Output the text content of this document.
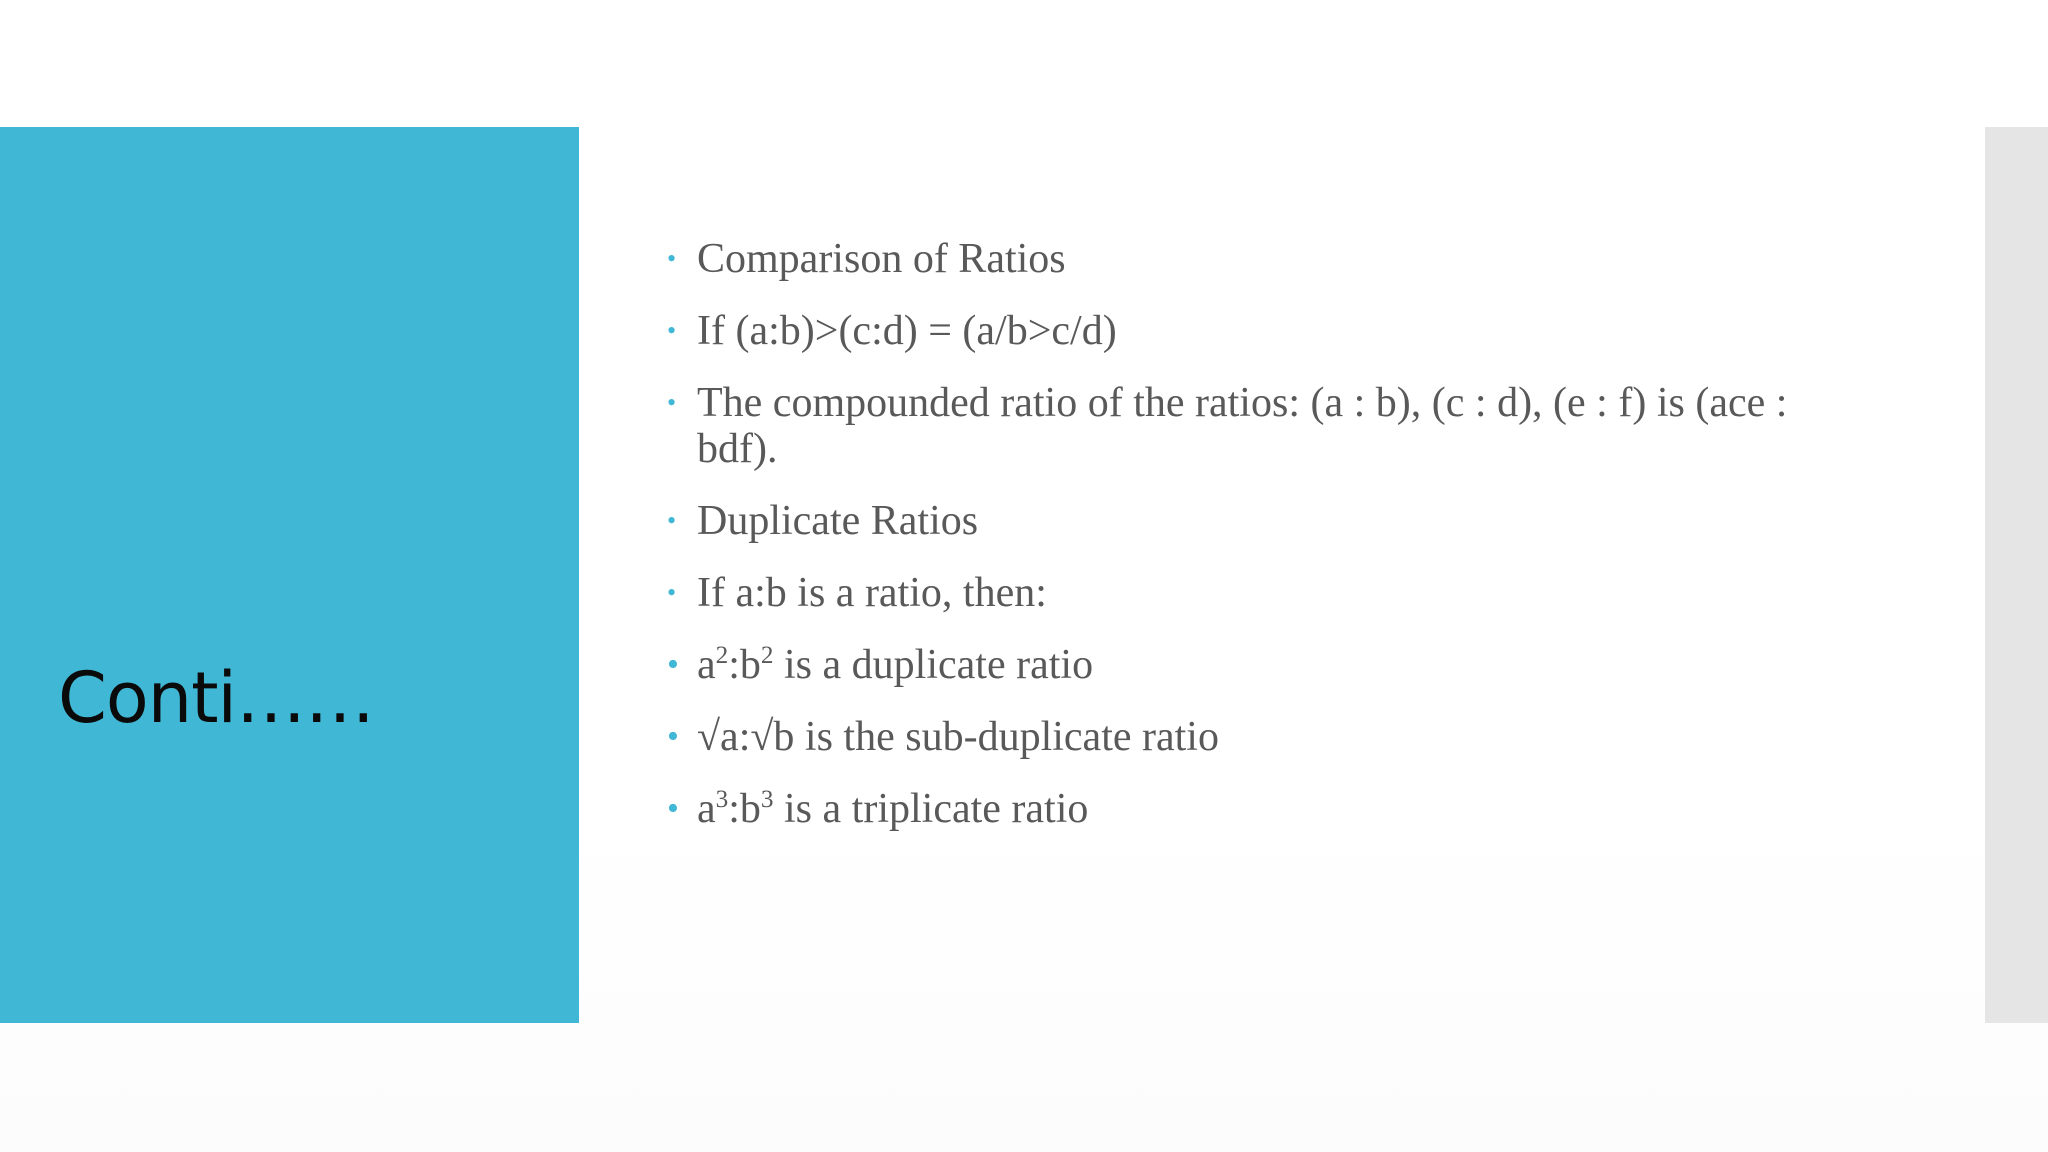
Conti……
• Comparison of Ratios
• If (a:b)>(c:d) = (a/b>c/d)
• The compounded ratio of the ratios: (a : b), (c : d), (e : f) is (ace : bdf).
• Duplicate Ratios
• If a:b is a ratio, then:
• $a^2:b^2$ is a duplicate ratio
• √a:√b is the sub-duplicate ratio
• $a^3:b^3$ is a triplicate ratio
